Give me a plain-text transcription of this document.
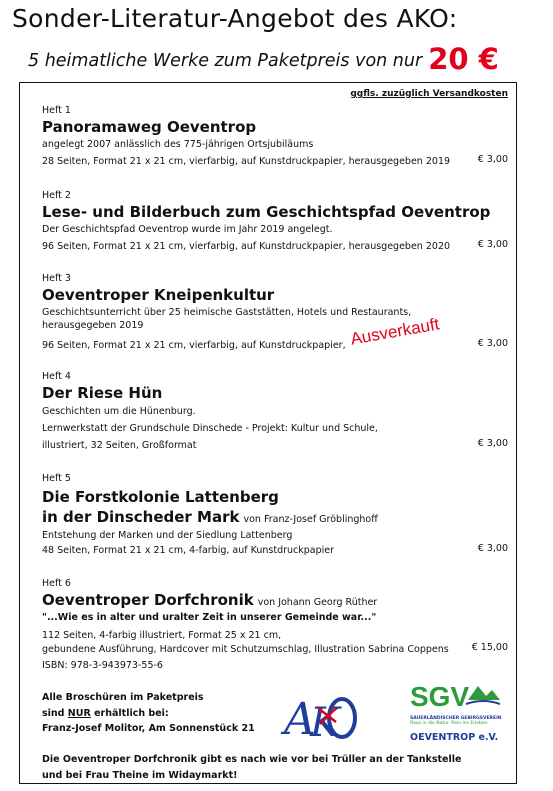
Sonder-Literatur-Angebot des AKO:
5 heimatliche Werke zum Paketpreis von nur 20 €
ggfls. zuzüglich Versandkosten
Heft 1
Panoramaweg Oeventrop
angelegt 2007 anlässlich des 775-jährigen Ortsjubiläums
28 Seiten, Format 21 x 21 cm, vierfarbig, auf Kunstdruckpapier, herausgegeben 2019	€ 3,00
Heft 2
Lese- und Bilderbuch zum Geschichtspfad Oeventrop
Der Geschichtspfad Oeventrop wurde im Jahr 2019 angelegt.
96 Seiten, Format 21 x 21 cm, vierfarbig, auf Kunstdruckpapier, herausgegeben 2020	€ 3,00
Heft 3
Oeventroper Kneipenkultur
Geschichtsunterricht über 25 heimische Gaststätten, Hotels und Restaurants,
herausgegeben 2019
96 Seiten, Format 21 x 21 cm, vierfarbig, auf Kunstdruckpapier,	€ 3,00
Ausverkauft
Heft 4
Der Riese Hün
Geschichten um die Hünenburg.
Lernwerkstatt der Grundschule Dinschede - Projekt: Kultur und Schule,
illustriert, 32 Seiten, Großformat	€ 3,00
Heft 5
Die Forstkolonie Lattenberg
in der Dinscheder Mark von Franz-Josef Gröblinghoff
Entstehung der Marken und der Siedlung Lattenberg
48 Seiten, Format 21 x 21 cm, 4-farbig, auf Kunstdruckpapier	€ 3,00
Heft 6
Oeventroper Dorfchronik von Johann Georg Rüther
"...Wie es in alter und uralter Zeit in unserer Gemeinde war..."
112 Seiten, 4-farbig illustriert, Format 25 x 21 cm,
gebundene Ausführung, Hardcover mit Schutzumschlag, Illustration Sabrina Coppens € 15,00
ISBN: 978-3-943973-55-6
Alle Broschüren im Paketpreis
sind NUR erhältlich bei:
Franz-Josef Molitor, Am Sonnenstück 21 A
K
SGV
SAUERLÄNDISCHER GEBIRGSVEREIN
Raus in die Natur. Rein ins Erleben.
OEVENTROP e.V.
Die Oeventroper Dorfchronik gibt es nach wie vor bei Trüller an der Tankstelle
und bei Frau Theine im Widaymarkt!
